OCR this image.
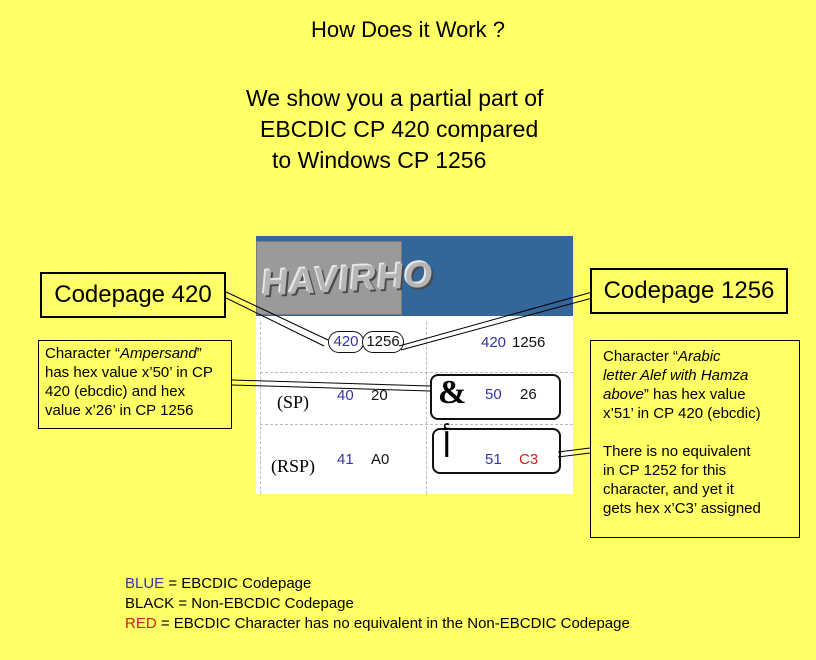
How Does it Work ?
We show you a partial part of
EBCDIC CP 420 compared
to Windows CP 1256
HAVIRHO
420 1256	420 1256
(SP) 40 20 & 50 26
(RSP) 41 A0 أ 51 C3
Codepage 420	Codepage 1256
Character “Ampersand”
has hex value x’50’ in CP
420 (ebcdic) and hex
value x’26’ in CP 1256
Character “Arabic
letter Alef with Hamza
above” has hex value
x’51’ in CP 420 (ebcdic)
There is no equivalent
in CP 1252 for this
character, and yet it
gets hex x’C3’ assigned
BLUE = EBCDIC Codepage
BLACK = Non-EBCDIC Codepage
RED = EBCDIC Character has no equivalent in the Non-EBCDIC Codepage
